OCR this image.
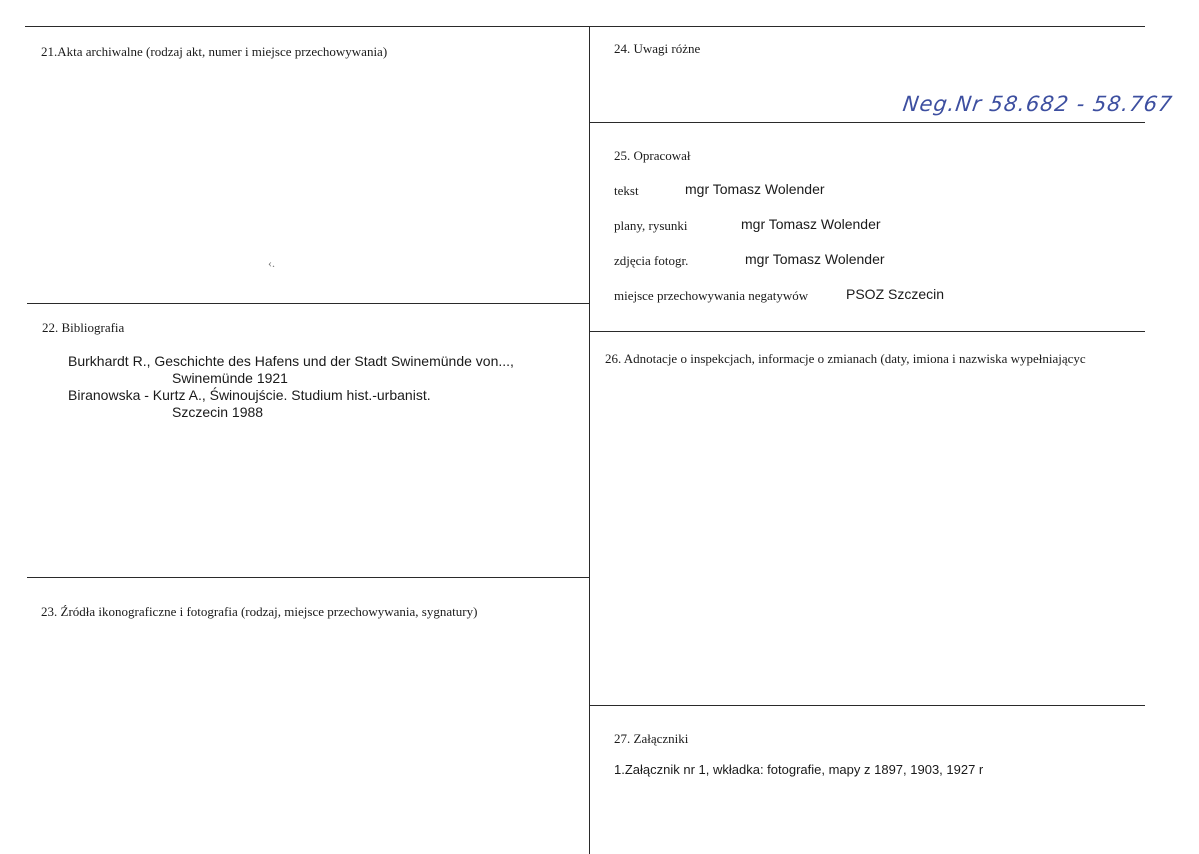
21.Akta archiwalne (rodzaj akt, numer i miejsce przechowywania)
‹.
22. Bibliografia
Burkhardt R., Geschichte des Hafens und der Stadt Swinemünde von...,
Swinemünde 1921
Biranowska - Kurtz A., Świnoujście. Studium hist.-urbanist.
Szczecin 1988
23. Źródła ikonograficzne i fotografia (rodzaj, miejsce przechowywania, sygnatury)
24. Uwagi różne
Neg.Nr 58.682 - 58.767
25. Opracował
tekst	mgr Tomasz Wolender
plany, rysunki	mgr Tomasz Wolender
zdjęcia fotogr.	mgr Tomasz Wolender
miejsce przechowywania negatywów	PSOZ Szczecin
26. Adnotacje o inspekcjach, informacje o zmianach (daty, imiona i nazwiska wypełniającyc
27. Załączniki
1.Załącznik nr 1, wkładka: fotografie, mapy z 1897, 1903, 1927 r
